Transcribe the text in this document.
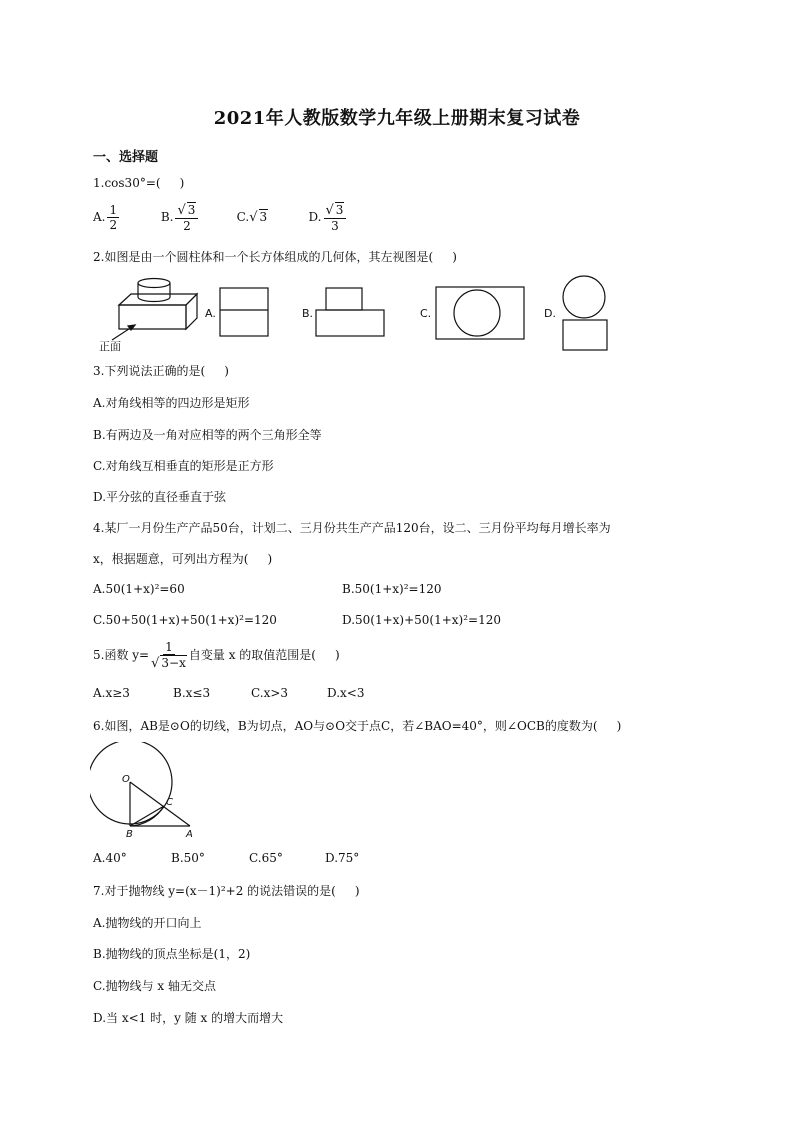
2021年人教版数学九年级上册期末复习试卷
一、选择题
1.cos30°=(     )
A. $\frac{1}{2}$	B. $\frac{√ 3}{2}$	C.√ 3	D. $\frac{√ 3}{3}$
2.如图是由一个圆柱体和一个长方体组成的几何体，其左视图是(     )
正面
A.	B.	C.	D.
3.下列说法正确的是(     )
A.对角线相等的四边形是矩形
B.有两边及一角对应相等的两个三角形全等
C.对角线互相垂直的矩形是正方形
D.平分弦的直径垂直于弦
4.某厂一月份生产产品50台，计划二、三月份共生产产品120台，设二、三月份平均每月增长率为
x，根据题意，可列出方程为(     )
A.50(1+x)²=60	B.50(1+x)²=120
C.50+50(1+x)+50(1+x)²=120	D.50(1+x)+50(1+x)²=120
5.函数 $y= \frac{1}{√ 3-x}$ 自变量 x 的取值范围是(     )
A.x≥3	B.x≤3	C.x>3	D.x<3
6.如图，AB是⊙O的切线，B为切点，AO与⊙O交于点C，若∠BAO=40°，则∠OCB的度数为(     )
O
C
B	A
A.40°	B.50°	C.65°	D.75°
7.对于抛物线 y=(x－1)²+2 的说法错误的是(     )
A.抛物线的开口向上
B.抛物线的顶点坐标是(1，2)
C.抛物线与 x 轴无交点
D.当 x<1 时，y 随 x 的增大而增大
